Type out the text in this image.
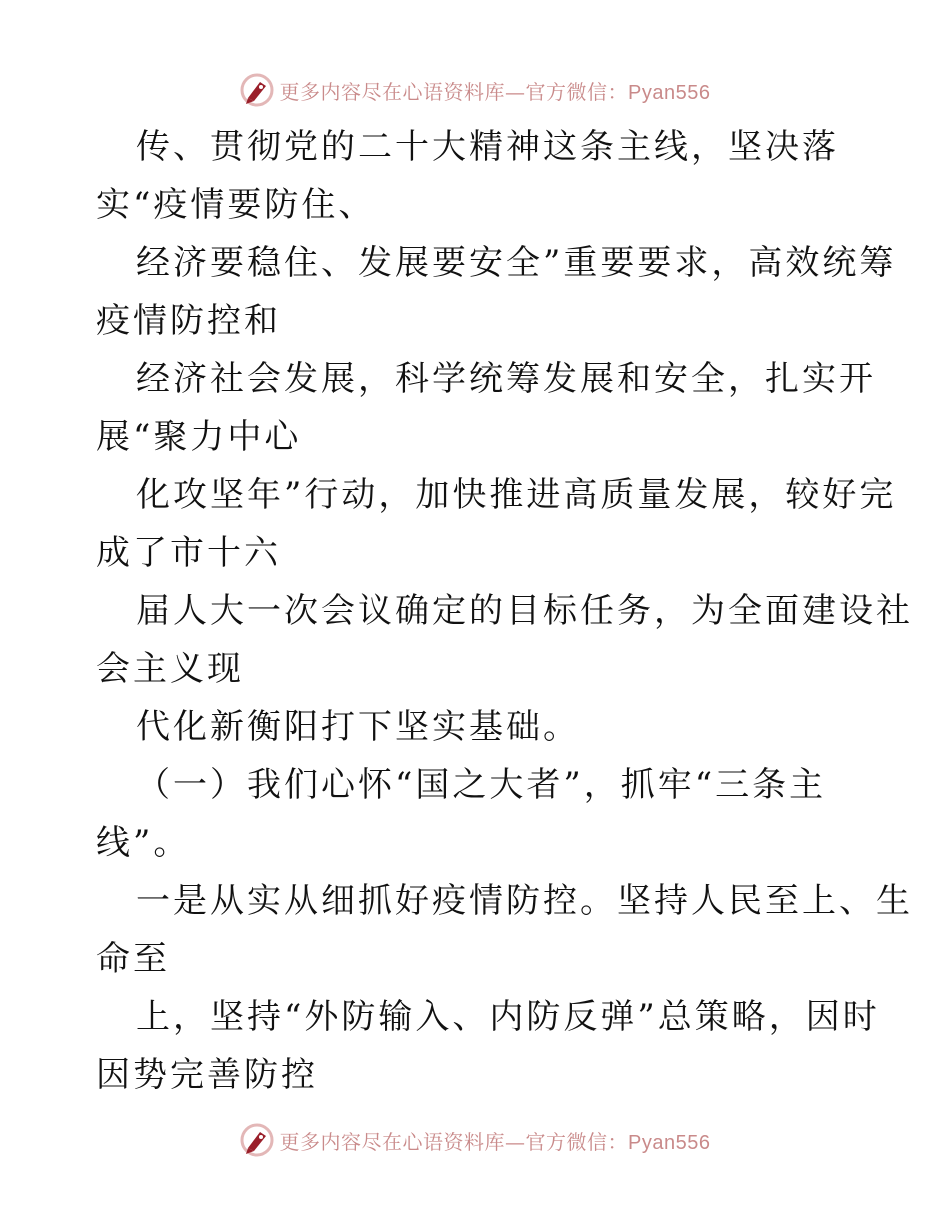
更多内容尽在心语资料库—官方微信：Pyan556
传、贯彻党的二十大精神这条主线，坚决落
实“疫情要防住、
经济要稳住、发展要安全”重要要求，高效统筹
疫情防控和
经济社会发展，科学统筹发展和安全，扎实开
展“聚力中心
化攻坚年”行动，加快推进高质量发展，较好完
成了市十六
届人大一次会议确定的目标任务，为全面建设社
会主义现
代化新衡阳打下坚实基础。
（一）我们心怀“国之大者”，抓牢“三条主
线”。
一是从实从细抓好疫情防控。坚持人民至上、生
命至
上，坚持“外防输入、内防反弹”总策略，因时
因势完善防控
更多内容尽在心语资料库—官方微信：Pyan556
